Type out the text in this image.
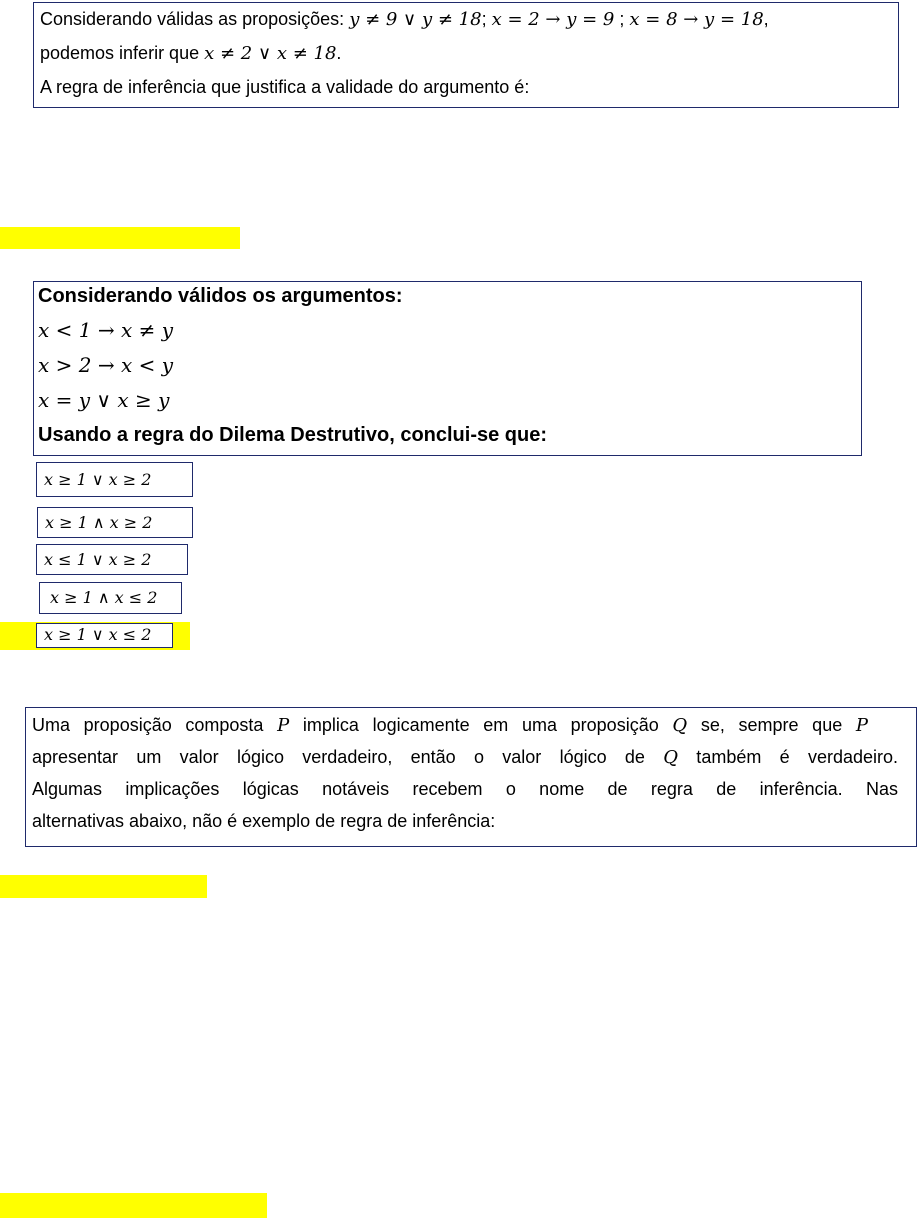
Considerando válidas as proposições: y ≠ 9 ∨ y ≠ 18; x = 2 → y = 9 ; x = 8 → y = 18,
podemos inferir que x ≠ 2 ∨ x ≠ 18.
A regra de inferência que justifica a validade do argumento é:
Considerando válidos os argumentos:
x < 1 → x ≠ y
x > 2 → x < y
x = y ∨ x ≥ y
Usando a regra do Dilema Destrutivo, conclui-se que:
x ≥ 1 ∨ x ≥ 2
x ≥ 1 ∧ x ≥ 2
x ≤ 1 ∨ x ≥ 2
x ≥ 1 ∧ x ≤ 2
x ≥ 1 ∨ x ≤ 2
Uma proposição composta P implica logicamente em uma proposição Q se, sempre que P
apresentar um valor lógico verdadeiro, então o valor lógico de Q também é verdadeiro.
Algumas implicações lógicas notáveis recebem o nome de regra de inferência. Nas
alternativas abaixo, não é exemplo de regra de inferência:
